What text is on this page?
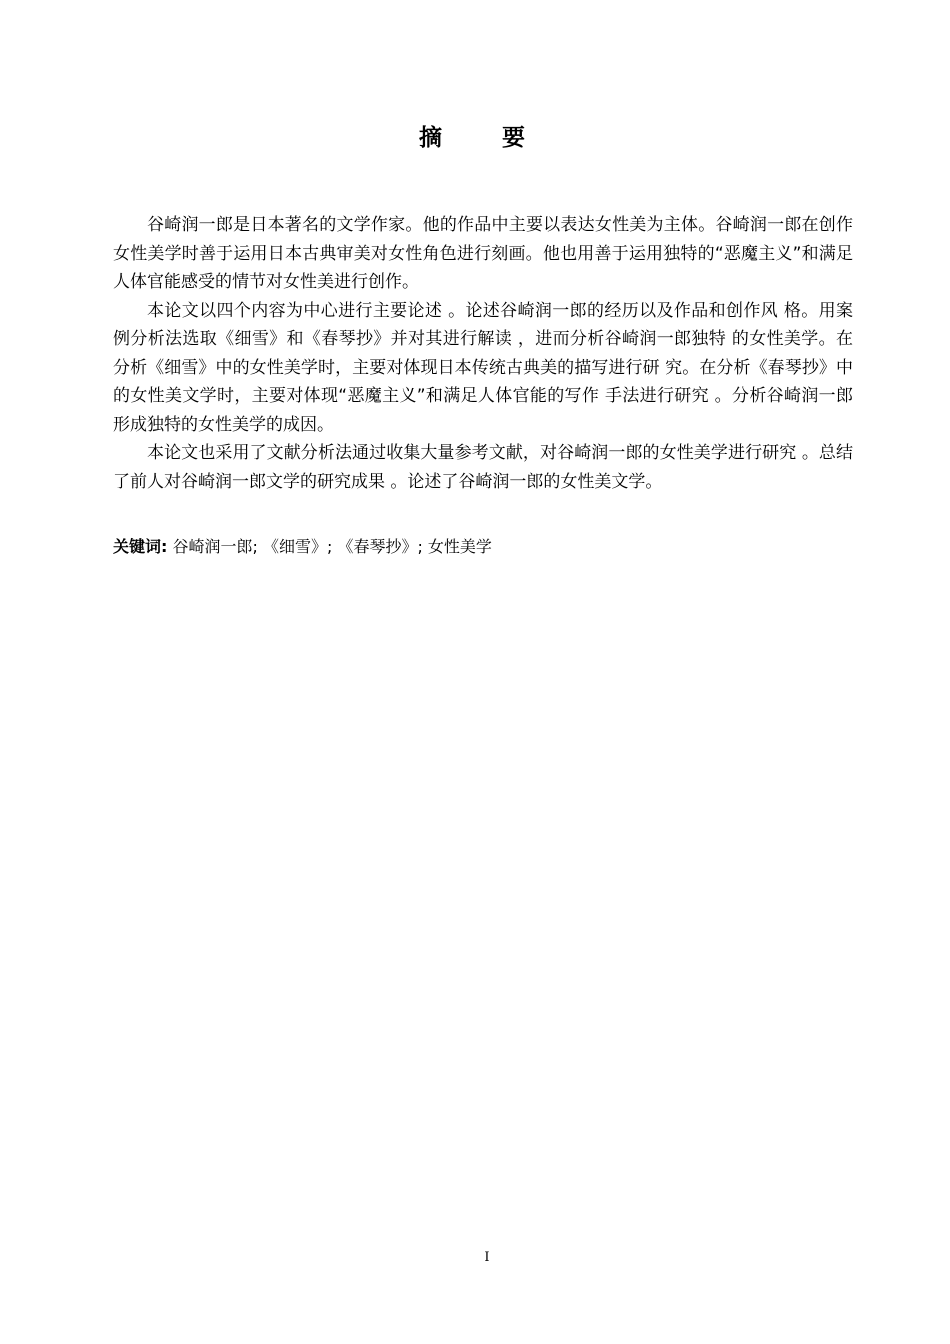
摘 要

谷崎润一郎是日本著名的文学作家。他的作品中主要以表达女性美为主体。谷崎润一郎在创作女性美学时善于运用日本古典审美对女性角色进行刻画。他也用善于运用独特的“恶魔主义”和满足人体官能感受的情节对女性美进行创作。

本论文以四个内容为中心进行主要论述 。论述谷崎润一郎的经历以及作品和创作风 格。用案例分析法选取《细雪》和《春琴抄》并对其进行解读 ，进而分析谷崎润一郎独特 的女性美学。在分析《细雪》中的女性美学时，主要对体现日本传统古典美的描写进行研 究。在分析《春琴抄》中的女性美文学时，主要对体现“恶魔主义”和满足人体官能的写作 手法进行研究 。分析谷崎润一郎形成独特的女性美学的成因。

本论文也采用了文献分析法通过收集大量参考文献，对谷崎润一郎的女性美学进行研究 。总结了前人对谷崎润一郎文学的研究成果 。论述了谷崎润一郎的女性美文学。

关键词: 谷崎润一郎; 《细雪》; 《春琴抄》; 女性美学
I
